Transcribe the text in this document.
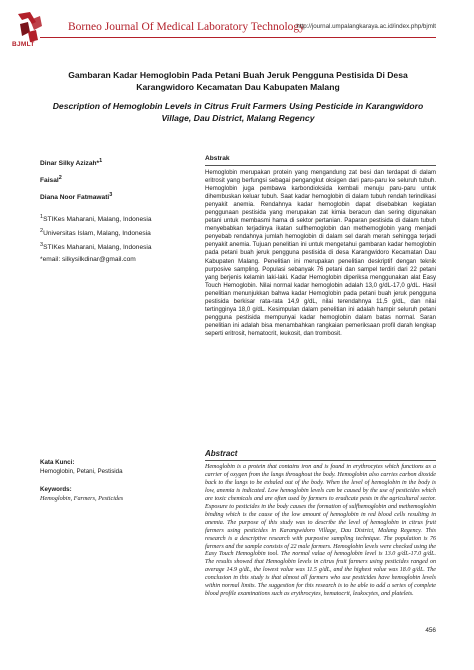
BJMLT
Borneo Journal Of Medical Laboratory Technology
http://journal.umpalangkaraya.ac.id/index.php/bjmlt
Gambaran Kadar Hemoglobin Pada Petani Buah Jeruk Pengguna Pestisida Di Desa Karangwidoro Kecamatan Dau Kabupaten Malang
Description of Hemoglobin Levels in Citrus Fruit Farmers Using Pesticide in Karangwidoro Village, Dau District, Malang Regency
Dinar Silky Azizah*$^1$
Faisal$^2$
Diana Noor Fatmawati$^3$
$^1$STIKes Maharani, Malang, Indonesia
$^2$Universitas Islam, Malang, Indonesia
$^3$STIKes Maharani, Malang, Indonesia
*email: silkysilkdinar@gmail.com
Abstrak
Hemoglobin merupakan protein yang mengandung zat besi dan terdapat di dalam eritrosit yang berfungsi sebagai pengangkut oksigen dari paru-paru ke seluruh tubuh. Hemoglobin juga pembawa karbondioksida kembali menuju paru-paru untuk dihembuskan keluar tubuh. Saat kadar hemoglobin di dalam tubuh rendah terindikasi penyakit anemia. Rendahnya kadar hemoglobin dapat disebabkan kegiatan penggunaan pestisida yang merupakan zat kimia beracun dan sering digunakan petani untuk membasmi hama di sektor pertanian. Paparan pestisida di dalam tubuh menyebabkan terjadinya ikatan sulfhemoglobin dan methemoglobin yang menjadi penyebab rendahnya jumlah hemoglobin di dalam sel darah merah sehingga terjadi penyakit anemia. Tujuan penelitian ini untuk mengetahui gambaran kadar hemoglobin pada petani buah jeruk pengguna pestisida di desa Karangwidoro Kecamatan Dau Kabupaten Malang. Penelitian ini merupakan penelitian deskriptif dengan teknik purposive sampling. Populasi sebanyak 76 petani dan sampel terdiri dari 22 petani yang berjenis kelamin laki-laki. Kadar Hemoglobin diperiksa menggunakan alat Easy Touch Hemoglobin. Nilai normal kadar hemoglobin adalah 13,0 g/dL-17,0 g/dL. Hasil penelitian menunjukkan bahwa kadar Hemoglobin pada petani buah jeruk pengguna pestisida berkisar rata-rata 14,9 g/dL, nilai terendahnya 11,5 g/dL, dan nilai tertingginya 18,0 g/dL. Kesimpulan dalam penelitian ini adalah hampir seluruh petani pengguna pestisida mempunyai kadar hemoglobin dalam batas normal. Saran penelitian ini adalah bisa menambahkan rangkaian pemeriksaan profil darah lengkap seperti eritrosit, hematocrit, leukosit, dan trombosit.
Kata Kunci:
Hemoglobin, Petani, Pestisida
Keywords:
Hemoglobin, Farmers, Pesticides
Abstract
Hemoglobin is a protein that contains iron and is found in erythrocytes which functions as a carrier of oxygen from the lungs throughout the body. Hemoglobin also carries carbon dioxide back to the lungs to be exhaled out of the body. When the level of hemoglobin in the body is low, anemia is indicated. Low hemoglobin levels can be caused by the use of pesticides which are toxic chemicals and are often used by farmers to eradicate pests in the agricultural sector. Exposure to pesticides in the body causes the formation of sulfhemoglobin and methemoglobin binding which is the cause of the low amount of hemoglobin in red blood cells resulting in anemia. The purpose of this study was to describe the level of hemoglobin in citrus fruit farmers using pesticides in Karangwidoro Village, Dau District, Malang Regency. This research is a descriptive research with purposive sampling technique. The population is 76 farmers and the sample consists of 22 male farmers. Hemoglobin levels were checked using the Easy Touch Hemoglobin tool. The normal value of hemoglobin level is 13.0 g/dL-17.0 g/dL. The results showed that Hemoglobin levels in citrus fruit farmers using pesticides ranged on average 14.9 g/dL, the lowest value was 11.5 g/dL, and the highest value was 18.0 g/dL. The conclusion in this study is that almost all farmers who use pesticides have hemoglobin levels within normal limits. The suggestion for this research is to be able to add a series of complete blood profile examinations such as erythrocytes, hematocrit, leukocytes, and platelets.
456
